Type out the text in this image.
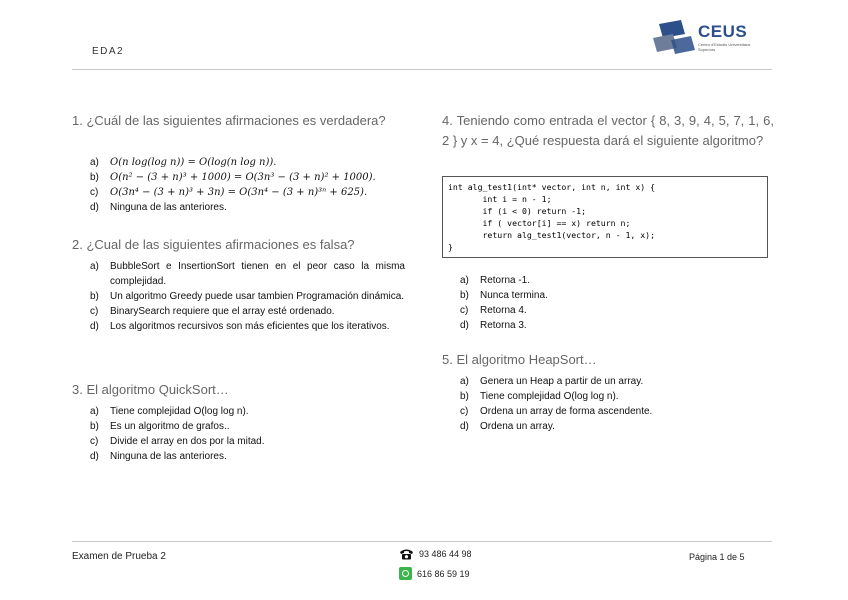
EDA2
CEUS
Centro d'Estudis Universitaris Superiors
1. ¿Cuál de las siguientes afirmaciones es verdadera?
a) O(n log(log n)) = O(log(n log n)).
b) O(n² − (3 + n)³ + 1000) = O(3n³ − (3 + n)² + 1000).
c) O(3n⁴ − (3 + n)³ + 3n) = O(3n⁴ − (3 + n)³ⁿ + 625).
d) Ninguna de las anteriores.
2. ¿Cual de las siguientes afirmaciones es falsa?
a) BubbleSort e InsertionSort tienen en el peor caso la misma complejidad.
b) Un algoritmo Greedy puede usar tambien Programación dinámica.
c) BinarySearch requiere que el array esté ordenado.
d) Los algoritmos recursivos son más eficientes que los iterativos.
3. El algoritmo QuickSort…
a) Tiene complejidad O(log log n).
b) Es un algoritmo de grafos..
c) Divide el array en dos por la mitad.
d) Ninguna de las anteriores.
4. Teniendo como entrada el vector { 8, 3, 9, 4, 5, 7, 1, 6, 2 } y x = 4, ¿Qué respuesta dará el siguiente algoritmo?
int alg_test1(int* vector, int n, int x) {
int i = n - 1;
if (i < 0) return -1;
if ( vector[i] == x) return n;
return alg_test1(vector, n - 1, x);
}
a) Retorna -1.
b) Nunca termina.
c) Retorna 4.
d) Retorna 3.
5. El algoritmo HeapSort…
a) Genera un Heap a partir de un array.
b) Tiene complejidad O(log log n).
c) Ordena un array de forma ascendente.
d) Ordena un array.
Examen de Prueba 2	93 486 44 98
616 86 59 19
Página 1 de 5
